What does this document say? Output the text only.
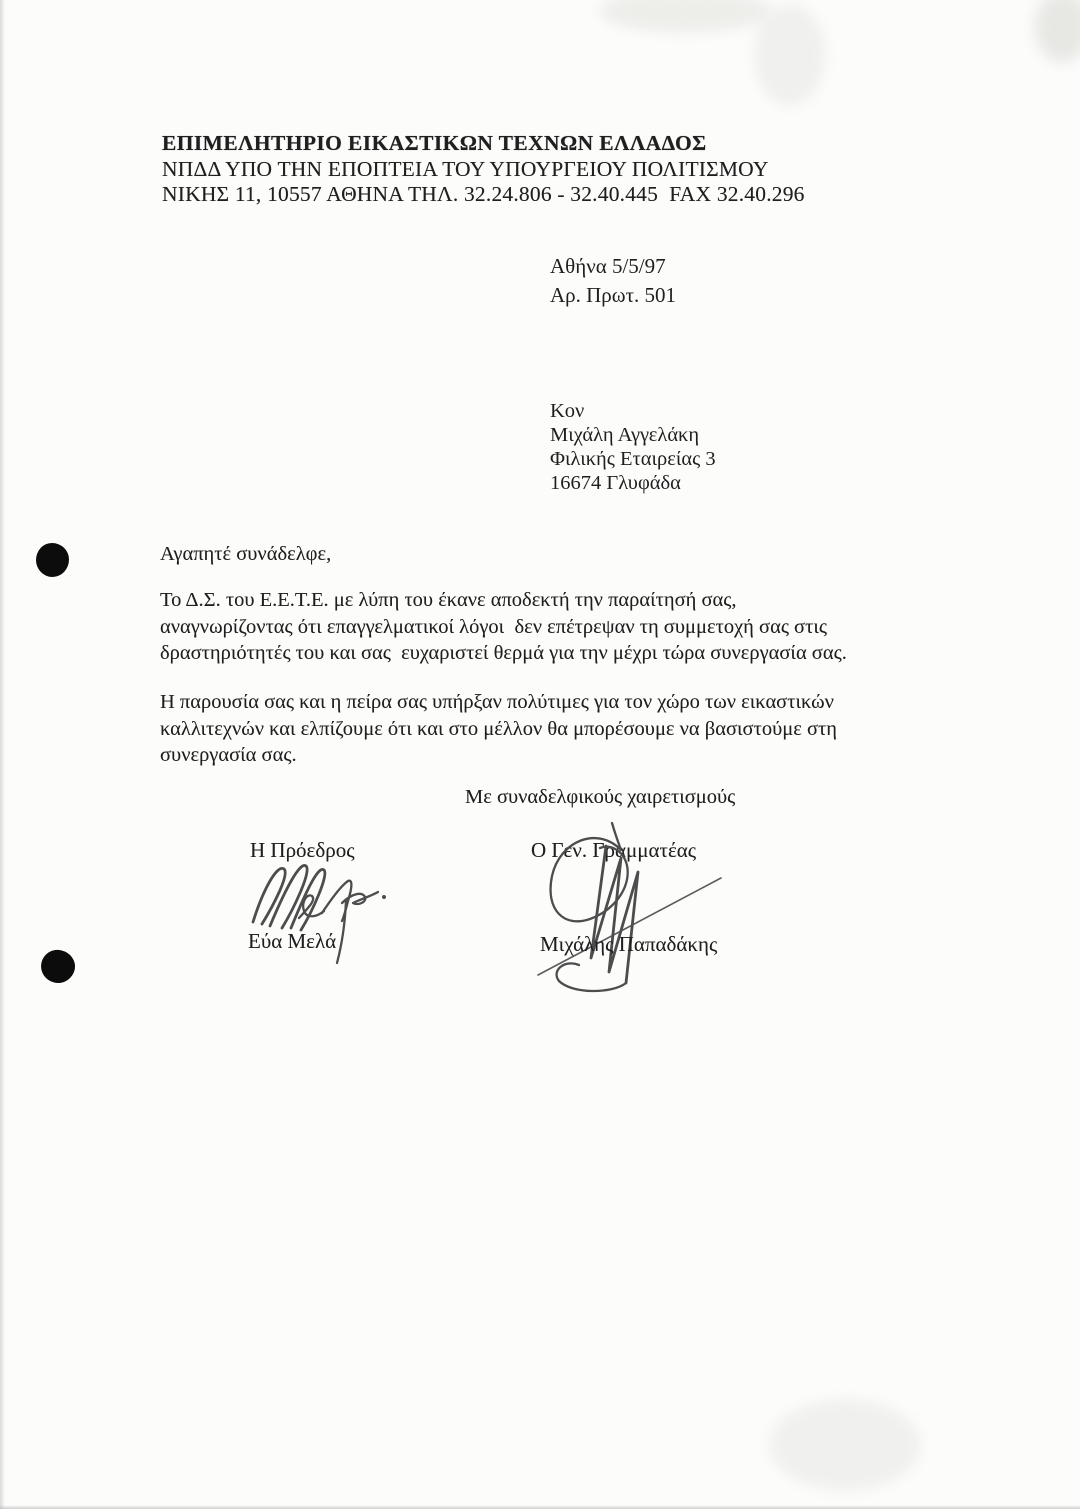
ΕΠΙΜΕΛΗΤΗΡΙΟ ΕΙΚΑΣΤΙΚΩΝ ΤΕΧΝΩΝ ΕΛΛΑΔΟΣ
ΝΠΔΔ ΥΠΟ ΤΗΝ ΕΠΟΠΤΕΙΑ ΤΟΥ ΥΠΟΥΡΓΕΙΟΥ ΠΟΛΙΤΙΣΜΟΥ
ΝΙΚΗΣ 11, 10557 ΑΘΗΝΑ ΤΗΛ. 32.24.806 - 32.40.445  FAX 32.40.296
Αθήνα 5/5/97
Αρ. Πρωτ. 501
Κον
Μιχάλη Αγγελάκη
Φιλικής Εταιρείας 3
16674 Γλυφάδα
Αγαπητέ συνάδελφε,
Το Δ.Σ. του Ε.Ε.Τ.Ε. με λύπη του έκανε αποδεκτή την παραίτησή σας,
αναγνωρίζοντας ότι επαγγελματικοί λόγοι  δεν επέτρεψαν τη συμμετοχή σας στις
δραστηριότητές του και σας  ευχαριστεί θερμά για την μέχρι τώρα συνεργασία σας.
Η παρουσία σας και η πείρα σας υπήρξαν πολύτιμες για τον χώρο των εικαστικών
καλλιτεχνών και ελπίζουμε ότι και στο μέλλον θα μπορέσουμε να βασιστούμε στη
συνεργασία σας.
Με συναδελφικούς χαιρετισμούς
Η Πρόεδρος
Εύα Μελά
Ο Γεν. Γραμματέας
Μιχάλης Παπαδάκης
